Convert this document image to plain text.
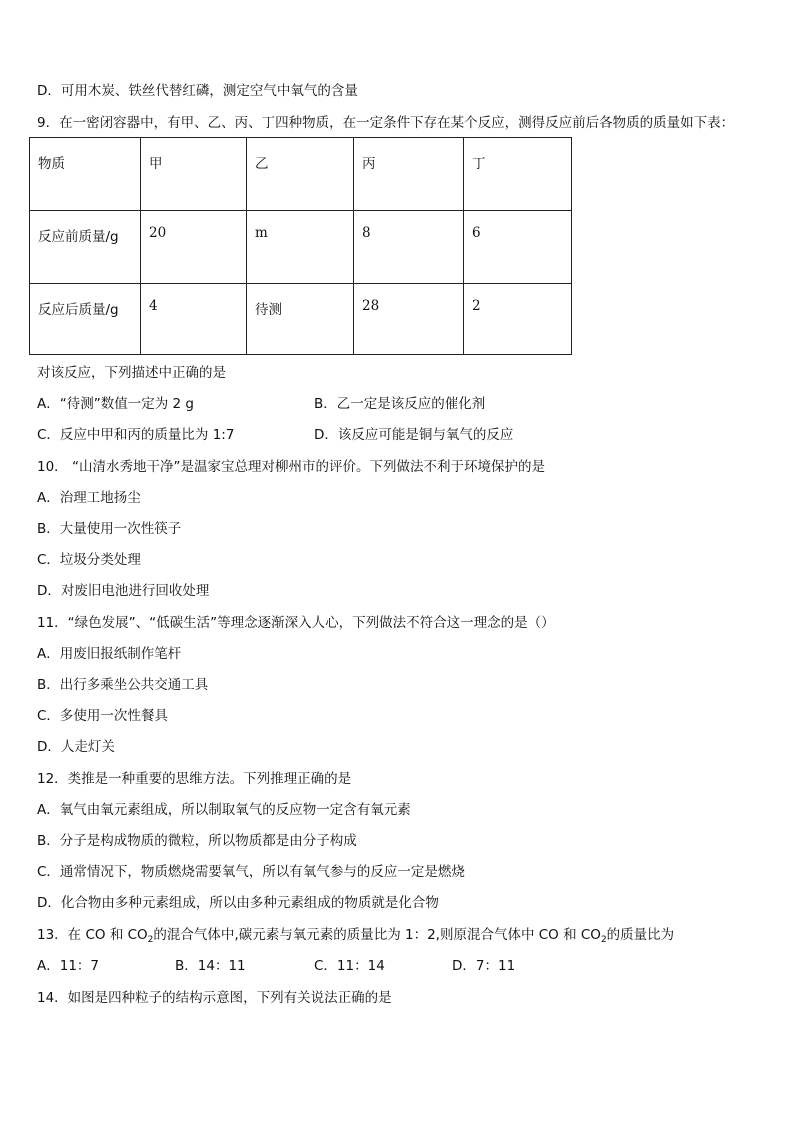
D．可用木炭、铁丝代替红磷，测定空气中氧气的含量
9．在一密闭容器中，有甲、乙、丙、丁四种物质，在一定条件下存在某个反应，测得反应前后各物质的质量如下表：
物质	甲	乙	丙	丁
反应前质量/g	20	m	8	6
反应后质量/g	4	待测	28	2
对该反应，下列描述中正确的是
A．“待测”数值一定为 2 g	B．乙一定是该反应的催化剂
C．反应中甲和丙的质量比为 1:7	D．该反应可能是铜与氧气的反应
10． “山清水秀地干净”是温家宝总理对柳州市的评价。下列做法不利于环境保护的是
A．治理工地扬尘
B．大量使用一次性筷子
C．垃圾分类处理
D．对废旧电池进行回收处理
11．“绿色发展”、“低碳生活”等理念逐渐深入人心，下列做法不符合这一理念的是（）
A．用废旧报纸制作笔杆
B．出行多乘坐公共交通工具
C．多使用一次性餐具
D．人走灯关
12．类推是一种重要的思维方法。下列推理正确的是
A．氧气由氧元素组成，所以制取氧气的反应物一定含有氧元素
B．分子是构成物质的微粒，所以物质都是由分子构成
C．通常情况下，物质燃烧需要氧气，所以有氧气参与的反应一定是燃烧
D．化合物由多种元素组成，所以由多种元素组成的物质就是化合物
13．在 CO 和 $CO_2$的混合气体中,碳元素与氧元素的质量比为 1：2,则原混合气体中 CO 和 $CO_2$的质量比为
A．11：7	B．14：11	C．11：14	D．7：11
14．如图是四种粒子的结构示意图，下列有关说法正确的是
